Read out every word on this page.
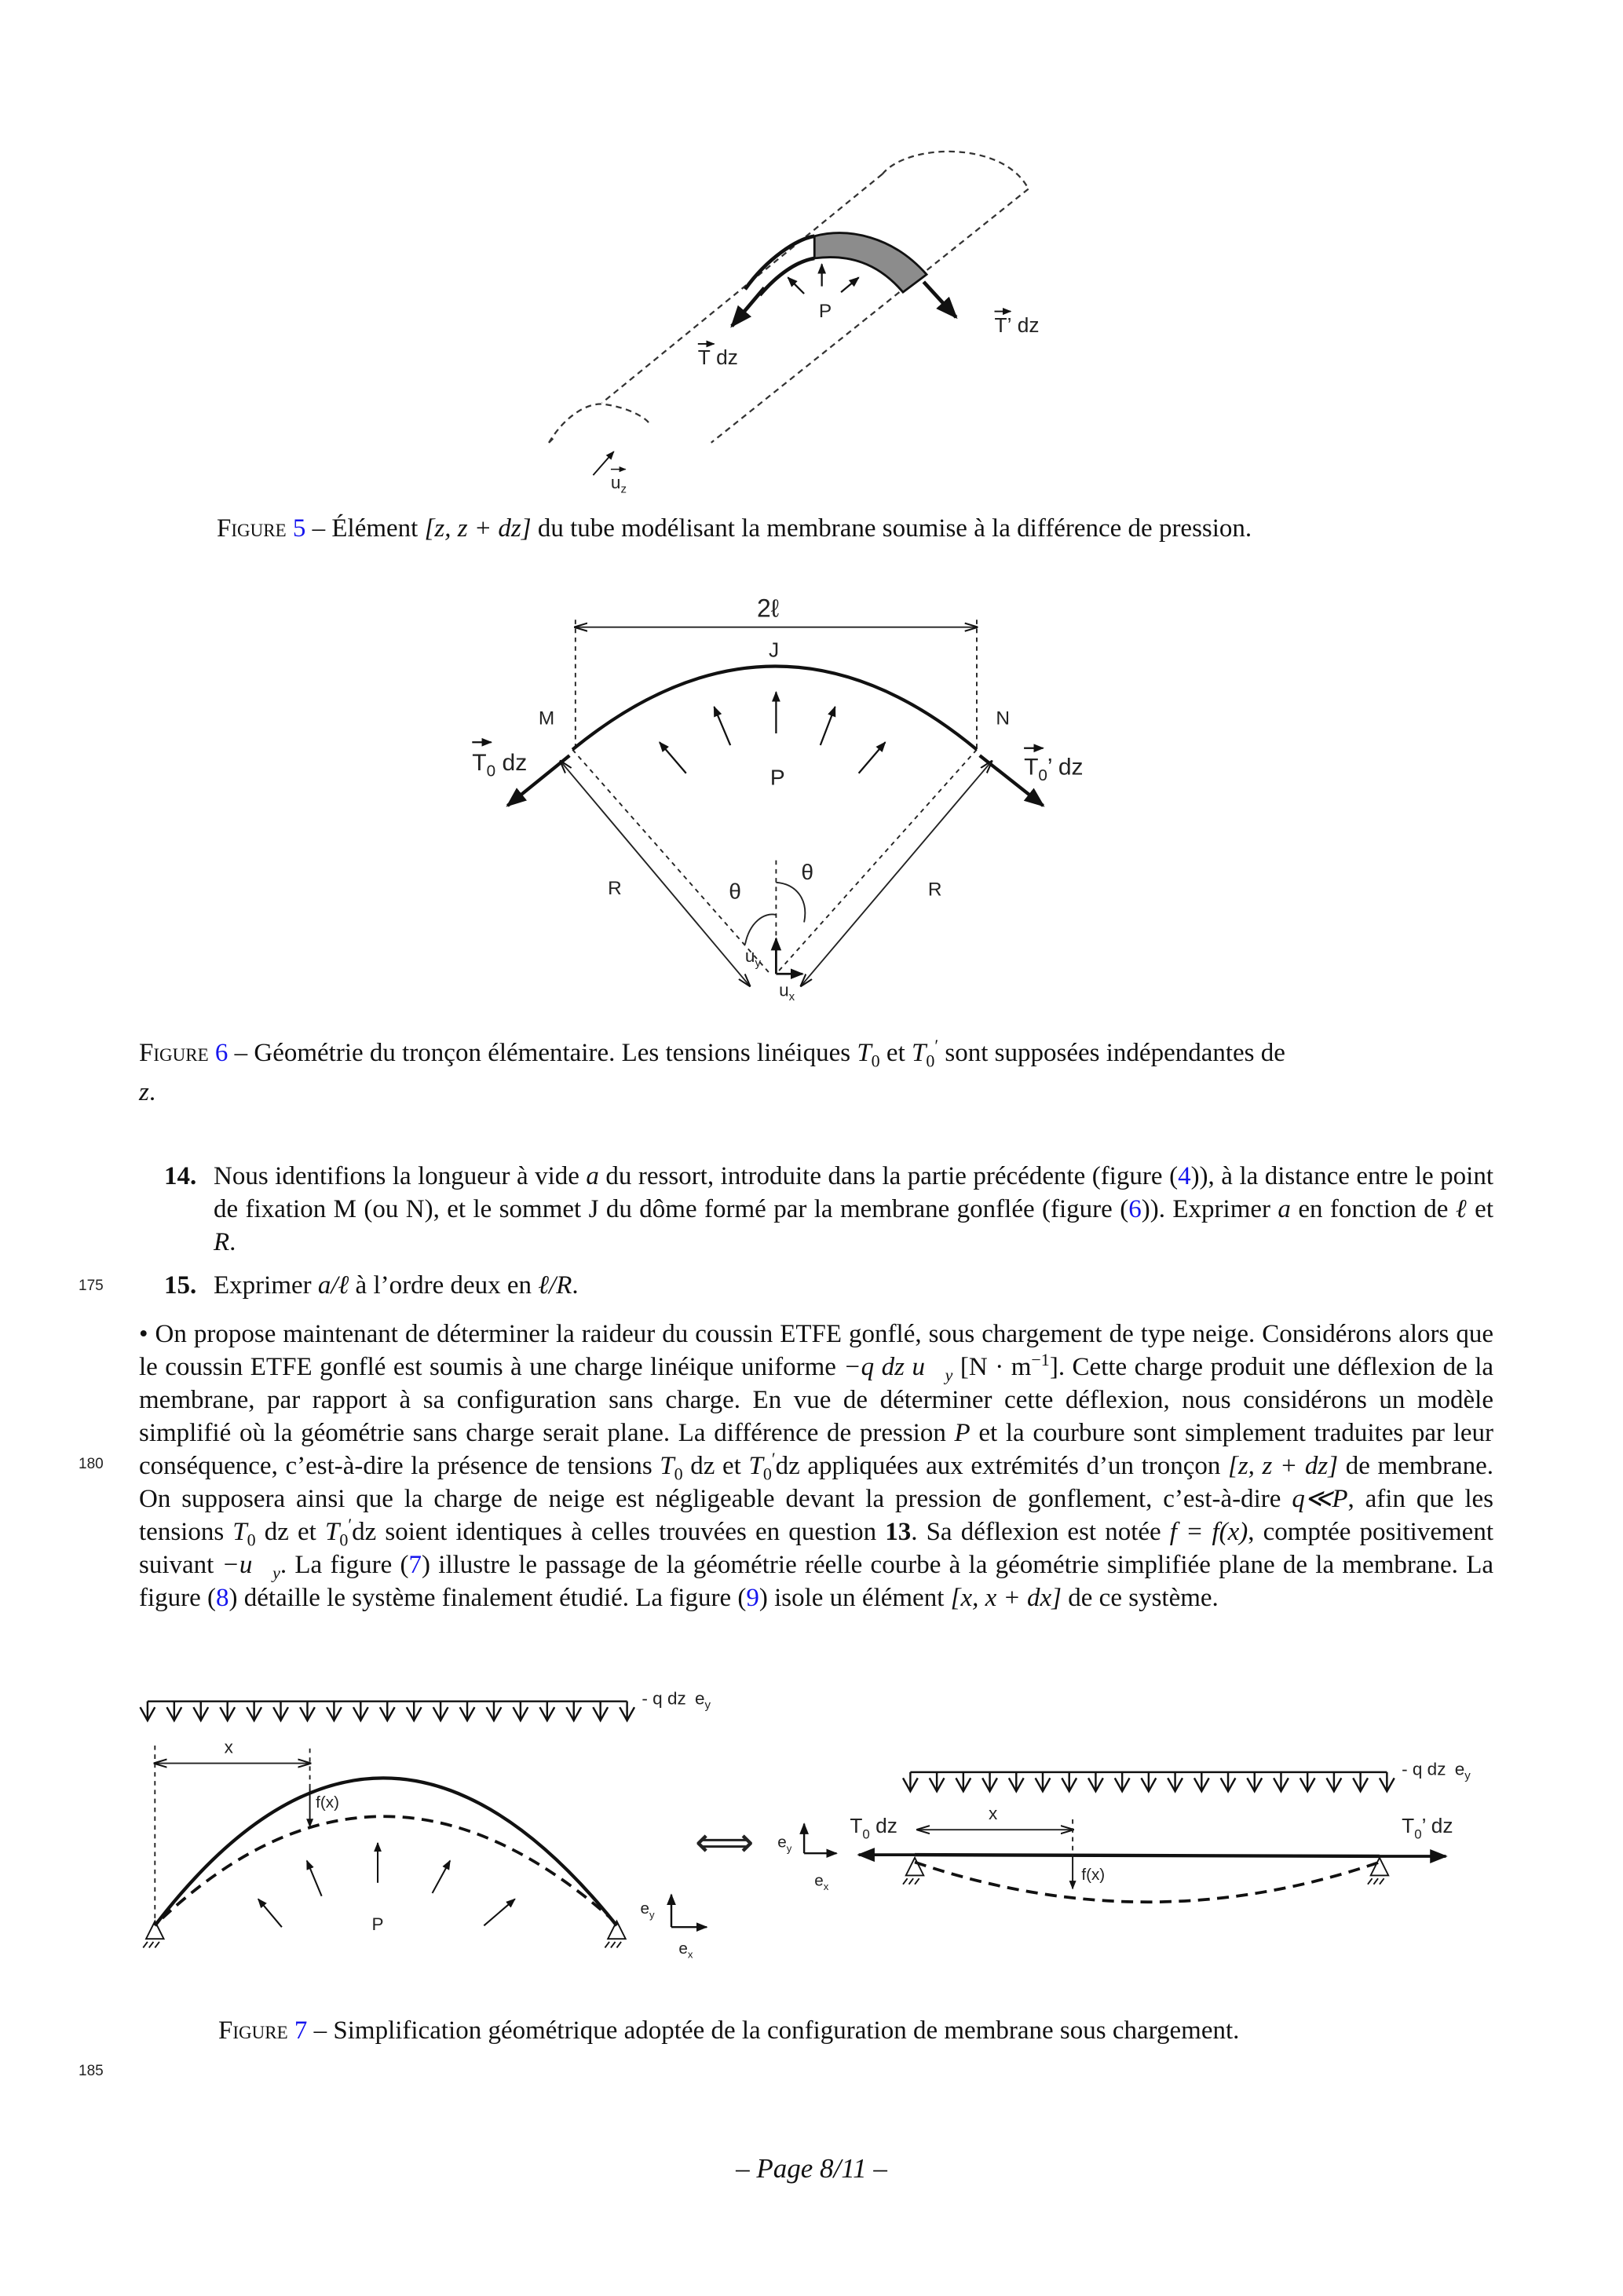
P
T dz
T’ dz
$u_z$
2ℓ
J
M	N
$T_0$ dz	$T_0$’ dz
P
R	R
θ
θ
$u_y$
$u_x$
- q dz $e_y$
x
f(x)
P
$e_y$
$e_x$
⟺	$e_y$
$e_x$
- q dz $e_y$
$T_0$ dz	$T_0$’ dz
x
f(x)
Figure 5 – Élément [z, z + dz] du tube modélisant la membrane soumise à la différence de pression.
Figure 6 – Géométrie du tronçon élémentaire. Les tensions linéiques $T_0$ et $T_0'$ sont supposées indépendantes de
z.
14. Nous identifions la longueur à vide a du ressort, introduite dans la partie précédente (figure (4)), à la distance entre le point de fixation M (ou N), et le sommet J du dôme formé par la membrane gonflée (figure (6)). Exprimer a en fonction de ℓ et R.
175 15. Exprimer a/ℓ à l’ordre deux en ℓ/R.
180
• On propose maintenant de déterminer la raideur du coussin ETFE gonflé, sous chargement de type neige. Considérons alors que le coussin ETFE gonflé est soumis à une charge linéique uniforme −q dz $u⃗_y$ $[N \cdot m^{-1}]$. Cette charge produit une déflexion de la membrane, par rapport à sa configuration sans charge. En vue de déterminer cette déflexion, nous considérons un modèle simplifié où la géométrie sans charge serait plane. La différence de pression P et la courbure sont simplement traduites par leur conséquence, c’est-à-dire la présence de tensions $T_0$ dz et $T_0'dz$ appliquées aux extrémités d’un tronçon [z, z + dz] de membrane. On supposera ainsi que la charge de neige est négligeable devant la pression de gonflement, c’est-à-dire q≪P, afin que les tensions $T_0$ dz et $T_0'dz$ soient identiques à celles trouvées en question 13. Sa déflexion est notée f = f(x), comptée positivement suivant $-u⃗_y$. La figure (7) illustre le passage de la géométrie réelle courbe à la géométrie simplifiée plane de la membrane. La figure (8) détaille le système finalement étudié. La figure (9) isole un élément [x, x + dx] de ce système.
Figure 7 – Simplification géométrique adoptée de la configuration de membrane sous chargement.
185
– Page 8/11 –
